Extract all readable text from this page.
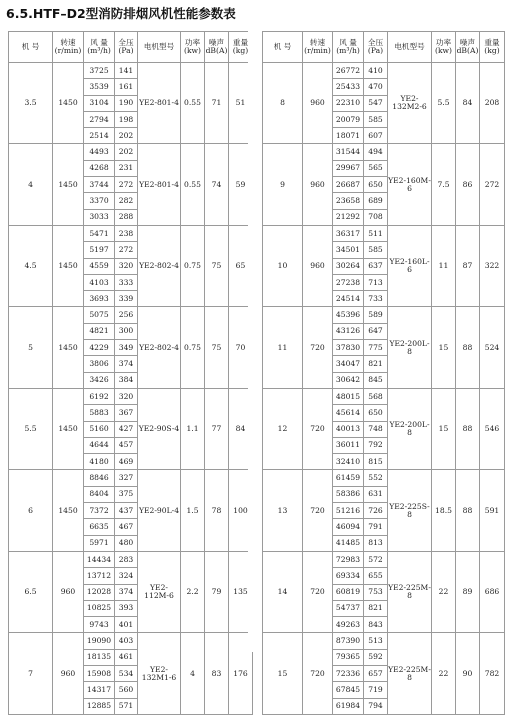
6.5.HTF–D2型消防排烟风机性能参数表
机 号	转速 (r/min)	风 量 (m³/h)	全压 (Pa)	电机型号	功率 (kw)	噪声 dB(A)	重量 (kg)
3.5	1450	3725	141	YE2-801-4	0.55	71	51
		3539	161				
		3104	190				
		2794	198				
		2514	202				
4	1450	4493	202	YE2-801-4	0.55	74	59
		4268	231				
		3744	272				
		3370	282				
		3033	288				
4.5	1450	5471	238	YE2-802-4	0.75	75	65
		5197	272				
		4559	320				
		4103	333				
		3693	339				
5	1450	5075	256	YE2-802-4	0.75	75	70
		4821	300				
		4229	349				
		3806	374				
		3426	384				
5.5	1450	6192	320	YE2-90S-4	1.1	77	84
		5883	367				
		5160	427				
		4644	457				
		4180	469				
6	1450	8846	327	YE2-90L-4	1.5	78	100
		8404	375				
		7372	437				
		6635	467				
		5971	480				
6.5	960	14434	283	YE2-112M-6	2.2	79	135
		13712	324				
		12028	374				
		10825	393				
		9743	401				
7	960	19090	403	YE2-132M1-6	4	83	176
		18135	461				
		15908	534				
		14317	560				
		12885	571				
机 号	转速 (r/min)	风 量 (m³/h)	全压 (Pa)	电机型号	功率 (kw)	噪声 dB(A)	重量 (kg)
8	960	26772	410	YE2-132M2-6	5.5	84	208
		25433	470				
		22310	547				
		20079	585				
		18071	607				
9	960	31544	494	YE2-160M-6	7.5	86	272
		29967	565				
		26687	650				
		23658	689				
		21292	708				
10	960	36317	511	YE2-160L-6	11	87	322
		34501	585				
		30264	637				
		27238	713				
		24514	733				
11	720	45396	589	YE2-200L-8	15	88	524
		43126	647				
		37830	775				
		34047	821				
		30642	845				
12	720	48015	568	YE2-200L-8	15	88	546
		45614	650				
		40013	748				
		36011	792				
		32410	815				
13	720	61459	552	YE2-225S-8	18.5	88	591
		58386	631				
		51216	726				
		46094	791				
		41485	813				
14	720	72983	572	YE2-225M-8	22	89	686
		69334	655				
		60819	753				
		54737	821				
		49263	843				
15	720	87390	513	YE2-225M-8	22	90	782
		79365	592				
		72336	657				
		67845	719				
		61984	794				
